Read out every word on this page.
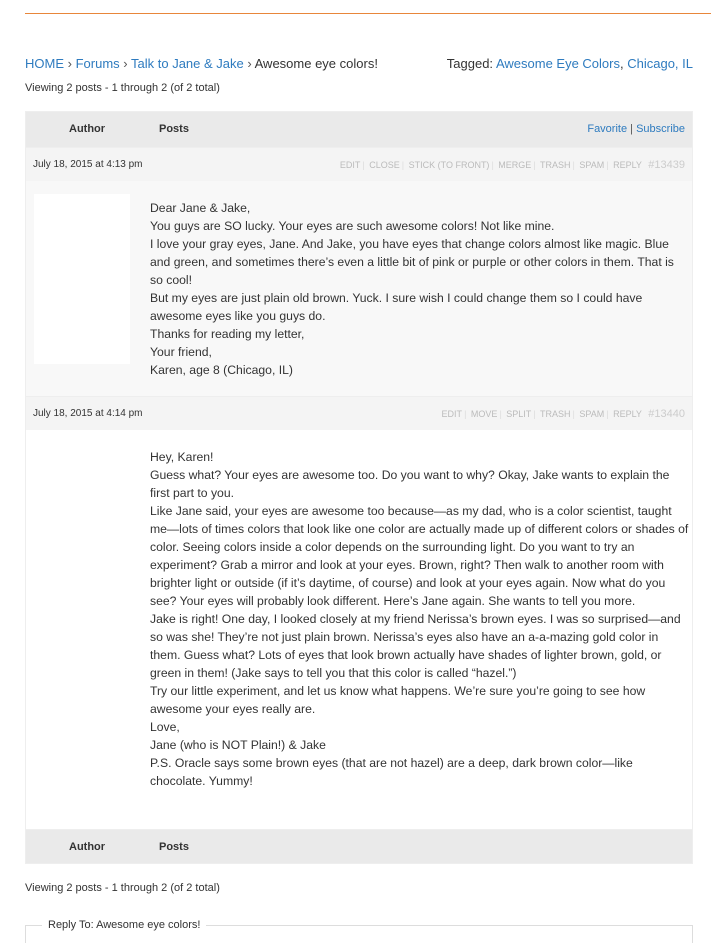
HOME › Forums › Talk to Jane & Jake › Awesome eye colors!	Tagged: Awesome Eye Colors, Chicago, IL
Viewing 2 posts - 1 through 2 (of 2 total)
Author	Posts	Favorite | Subscribe
July 18, 2015 at 4:13 pm	EDIT | CLOSE | STICK (TO FRONT) | MERGE | TRASH | SPAM | REPLY #13439

Dear Jane & Jake,

You guys are SO lucky. Your eyes are such awesome colors! Not like mine.

I love your gray eyes, Jane. And Jake, you have eyes that change colors almost like magic. Blue and green, and sometimes there’s even a little bit of pink or purple or other colors in them. That is so cool!

But my eyes are just plain old brown. Yuck. I sure wish I could change them so I could have awesome eyes like you guys do.

Thanks for reading my letter,

Your friend,

Karen, age 8 (Chicago, IL)

July 18, 2015 at 4:14 pm	EDIT | MOVE | SPLIT | TRASH | SPAM | REPLY #13440

Hey, Karen!

Guess what? Your eyes are awesome too. Do you want to why? Okay, Jake wants to explain the first part to you.

Like Jane said, your eyes are awesome too because—as my dad, who is a color scientist, taught me—lots of times colors that look like one color are actually made up of different colors or shades of color. Seeing colors inside a color depends on the surrounding light. Do you want to try an experiment? Grab a mirror and look at your eyes. Brown, right? Then walk to another room with brighter light or outside (if it’s daytime, of course) and look at your eyes again. Now what do you see? Your eyes will probably look different. Here’s Jane again. She wants to tell you more.

Jake is right! One day, I looked closely at my friend Nerissa’s brown eyes. I was so surprised—and so was she! They’re not just plain brown. Nerissa’s eyes also have an a-a-mazing gold color in them. Guess what? Lots of eyes that look brown actually have shades of lighter brown, gold, or green in them! (Jake says to tell you that this color is called “hazel.”)

Try our little experiment, and let us know what happens. We’re sure you’re going to see how awesome your eyes really are.

Love,

Jane (who is NOT Plain!) & Jake

P.S. Oracle says some brown eyes (that are not hazel) are a deep, dark brown color—like chocolate. Yummy!

Author	Posts
Viewing 2 posts - 1 through 2 (of 2 total)
Reply To: Awesome eye colors!
